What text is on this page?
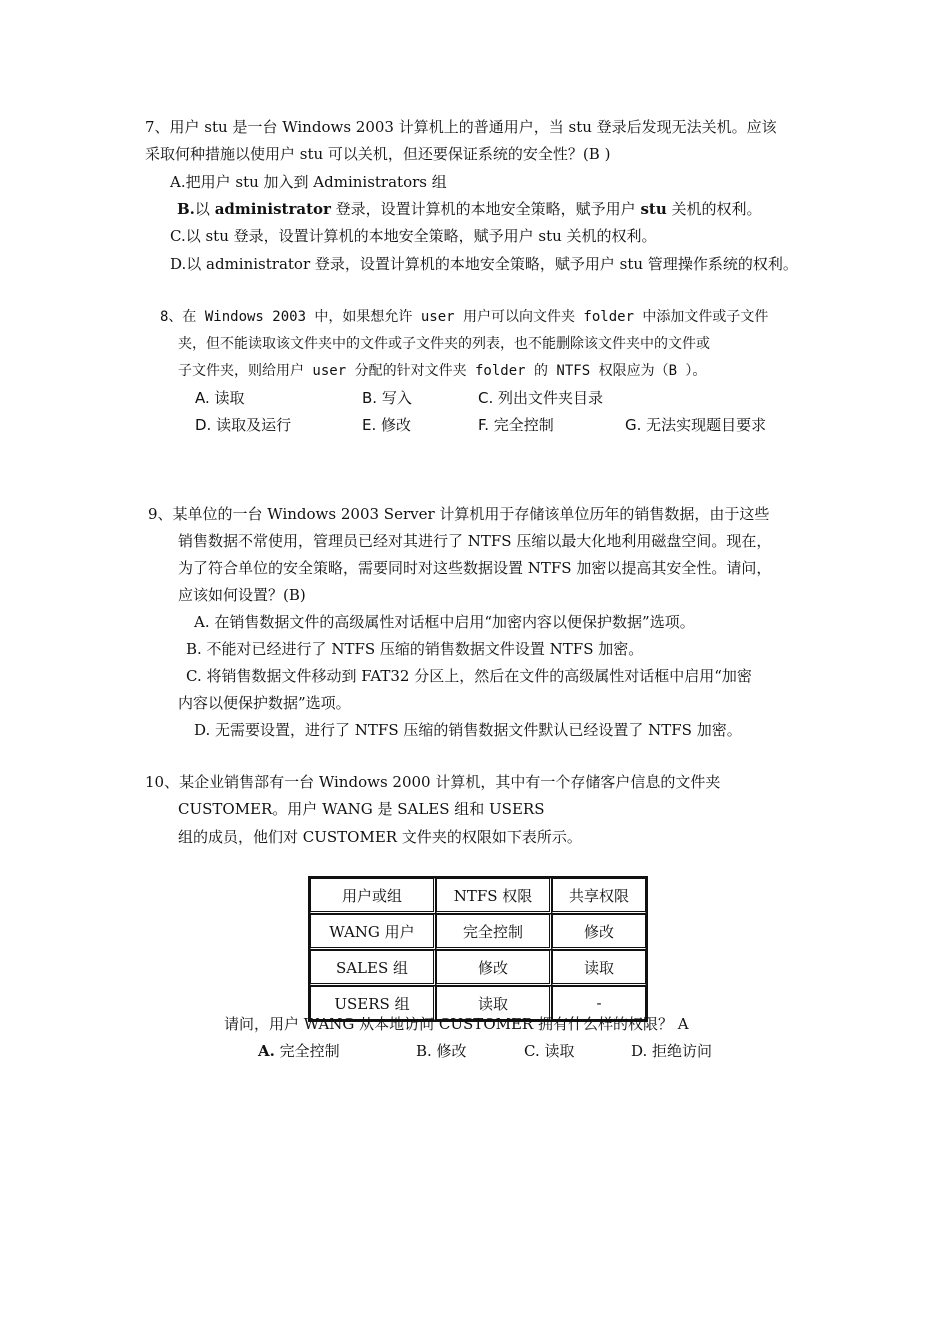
7、用户 stu 是一台 Windows 2003 计算机上的普通用户，当 stu 登录后发现无法关机。应该
采取何种措施以使用户 stu 可以关机，但还要保证系统的安全性？(B )
A.把用户 stu 加入到 Administrators 组
B.以 administrator 登录，设置计算机的本地安全策略，赋予用户 stu 关机的权利。
C.以 stu 登录，设置计算机的本地安全策略，赋予用户 stu 关机的权利。
D.以 administrator 登录，设置计算机的本地安全策略，赋予用户 stu 管理操作系统的权利。
8、在 Windows 2003 中，如果想允许 user 用户可以向文件夹 folder 中添加文件或子文件
夹，但不能读取该文件夹中的文件或子文件夹的列表，也不能删除该文件夹中的文件或
子文件夹，则给用户 user 分配的针对文件夹 folder 的 NTFS 权限应为（B ）。
A. 读取	B. 写入	C. 列出文件夹目录
D. 读取及运行	E. 修改	F. 完全控制	G. 无法实现题目要求
9、某单位的一台 Windows 2003 Server 计算机用于存储该单位历年的销售数据，由于这些
销售数据不常使用，管理员已经对其进行了 NTFS 压缩以最大化地利用磁盘空间。现在，
为了符合单位的安全策略，需要同时对这些数据设置 NTFS 加密以提高其安全性。请问，
应该如何设置？(B)
A. 在销售数据文件的高级属性对话框中启用“加密内容以便保护数据”选项。
B. 不能对已经进行了 NTFS 压缩的销售数据文件设置 NTFS 加密。
C. 将销售数据文件移动到 FAT32 分区上，然后在文件的高级属性对话框中启用“加密
内容以便保护数据”选项。
D. 无需要设置，进行了 NTFS 压缩的销售数据文件默认已经设置了 NTFS 加密。
10、某企业销售部有一台 Windows 2000 计算机，其中有一个存储客户信息的文件夹
CUSTOMER。用户 WANG 是 SALES 组和 USERS
组的成员，他们对 CUSTOMER 文件夹的权限如下表所示。
用户或组	NTFS 权限	共享权限
WANG 用户	完全控制	修改
SALES 组	修改	读取
USERS 组	读取	-
请问，用户 WANG 从本地访问 CUSTOMER 拥有什么样的权限？ A
A. 完全控制	B. 修改	C. 读取	D. 拒绝访问
